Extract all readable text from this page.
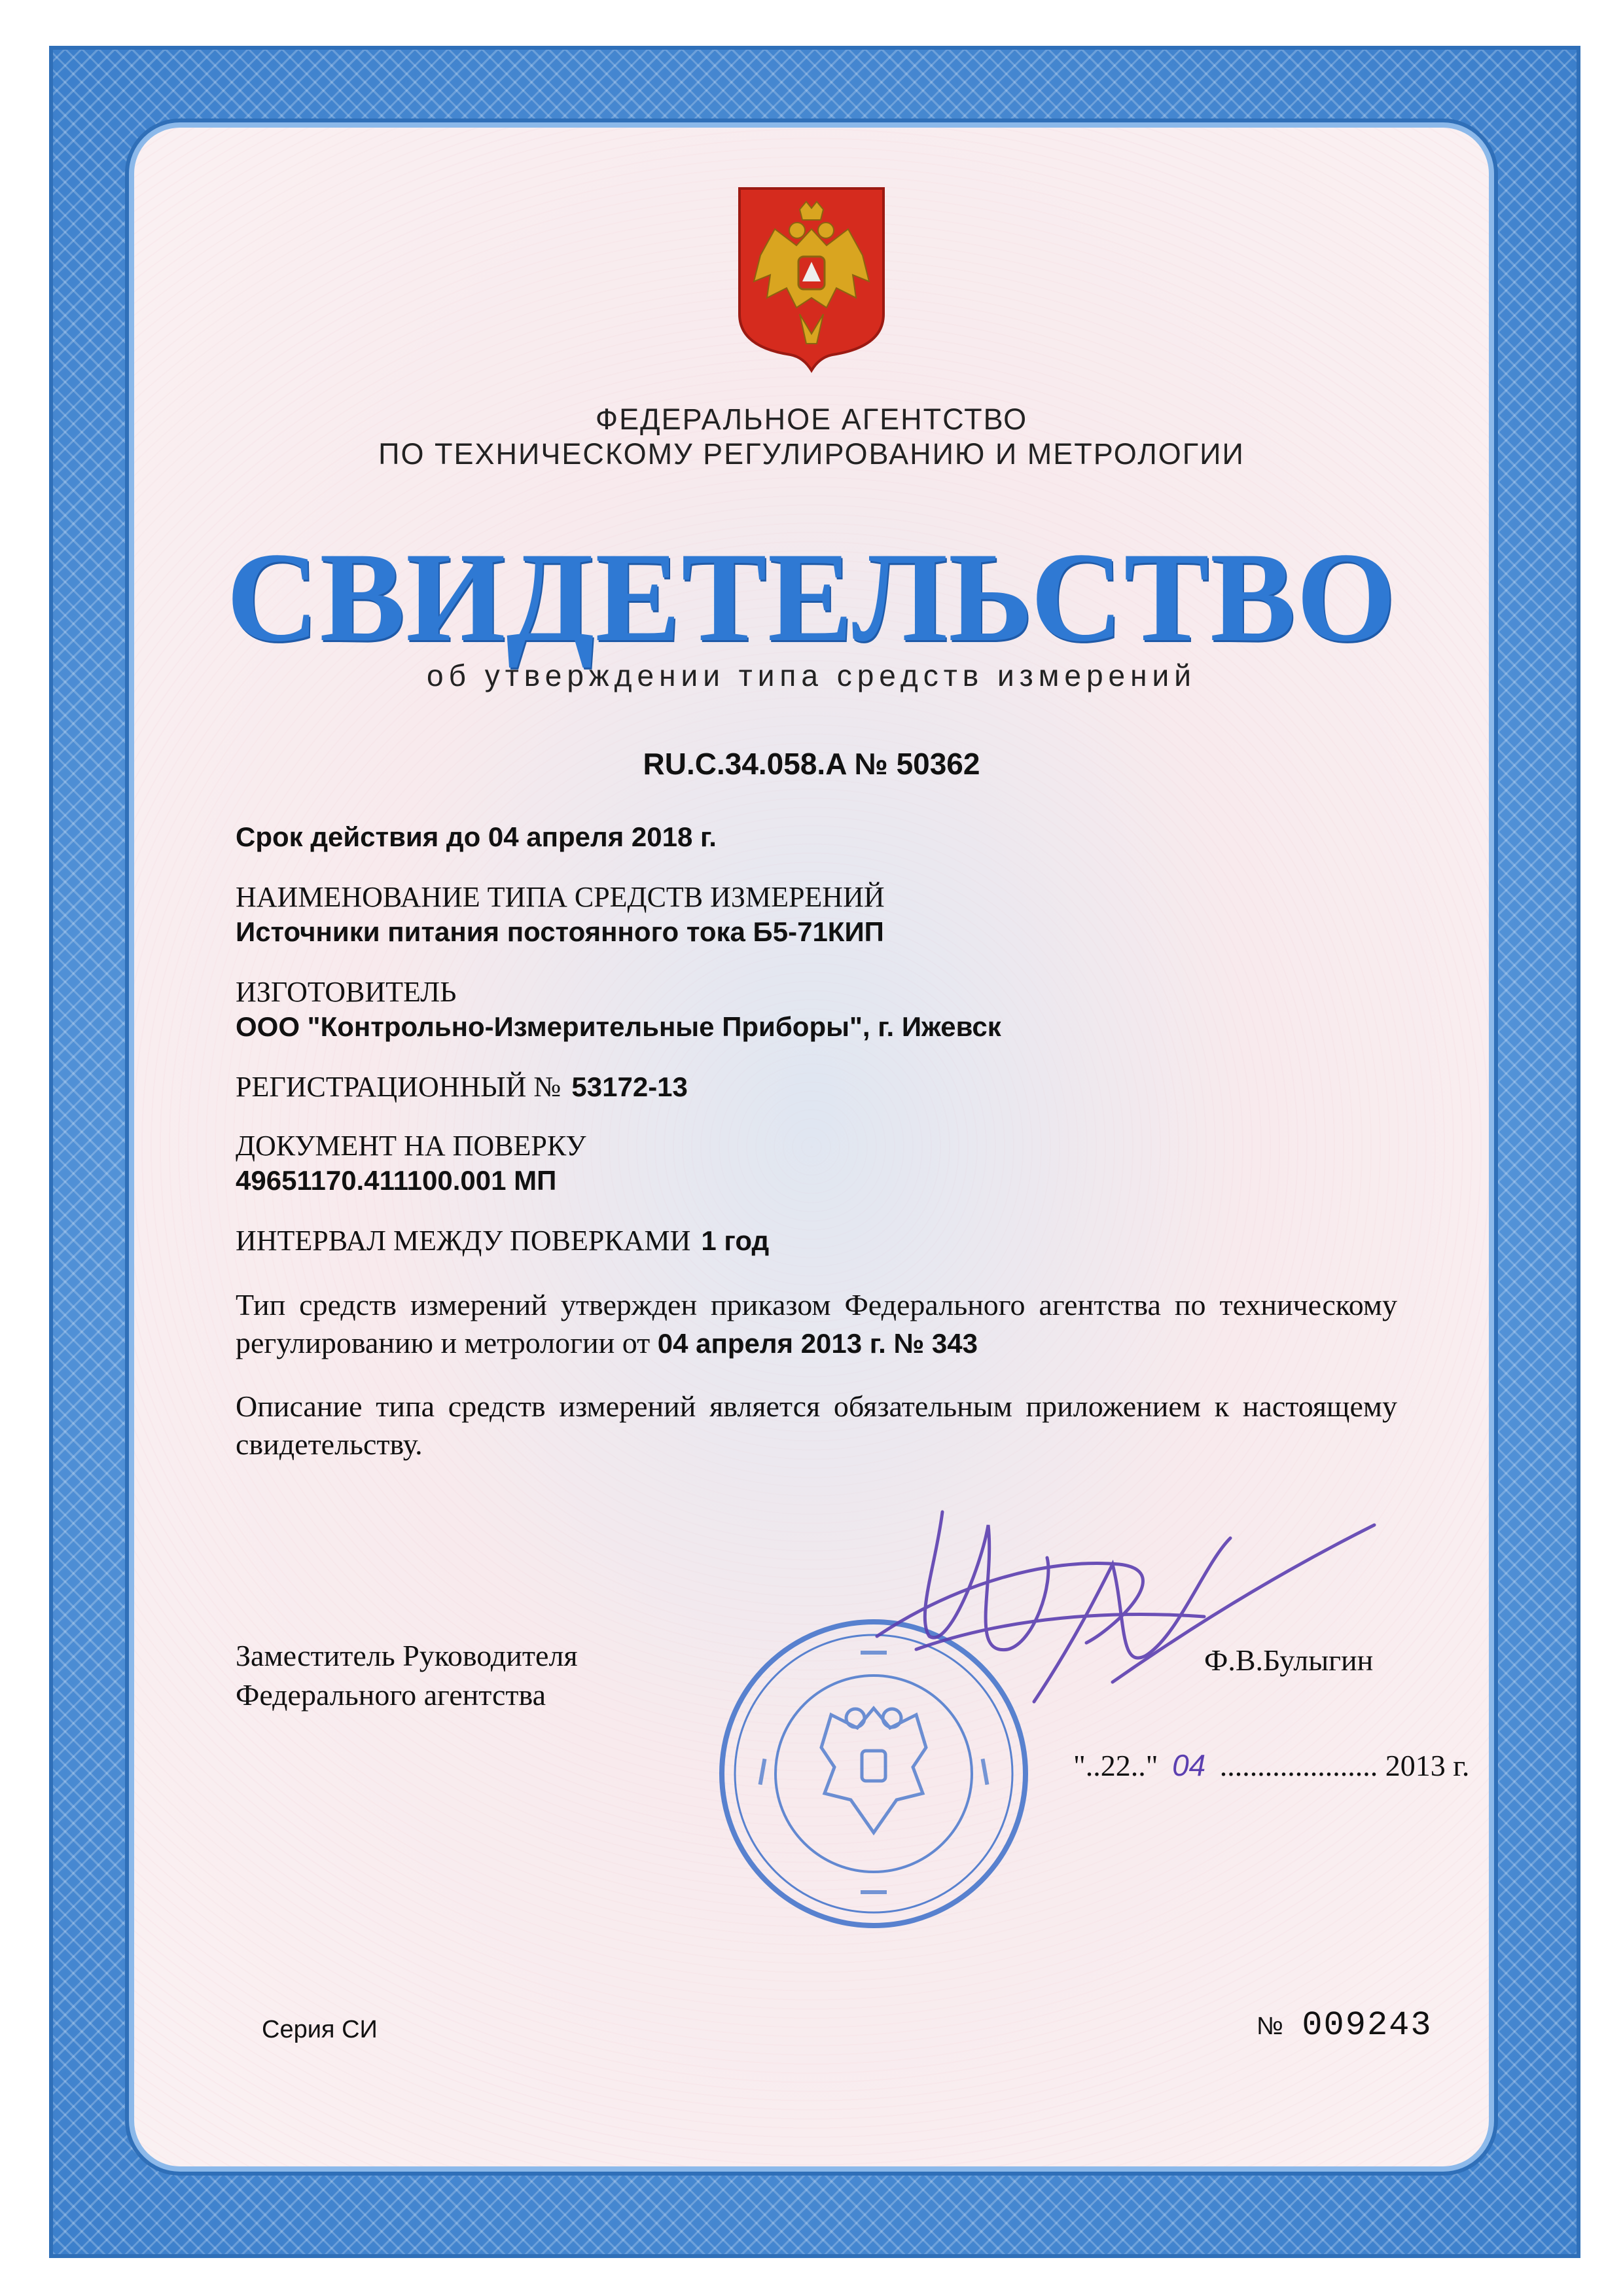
ФЕДЕРАЛЬНОЕ АГЕНТСТВО

ПО ТЕХНИЧЕСКОМУ РЕГУЛИРОВАНИЮ И МЕТРОЛОГИИ

СВИДЕТЕЛЬСТВО

об утверждении типа средств измерений

RU.C.34.058.A № 50362

Срок действия до 04 апреля 2018 г.

НАИМЕНОВАНИЕ ТИПА СРЕДСТВ ИЗМЕРЕНИЙ

Источники питания постоянного тока Б5-71КИП

ИЗГОТОВИТЕЛЬ

ООО "Контрольно-Измерительные Приборы", г. Ижевск

РЕГИСТРАЦИОННЫЙ № 53172-13

ДОКУМЕНТ НА ПОВЕРКУ

49651170.411100.001 МП

ИНТЕРВАЛ МЕЖДУ ПОВЕРКАМИ 1 год

Тип средств измерений утвержден приказом Федерального агентства по техническому регулированию и метрологии от 04 апреля 2013 г. № 343

Описание типа средств измерений является обязательным приложением к настоящему свидетельству.

Заместитель Руководителя
Федерального агентства

Ф.В.Булыгин

"..22.." 04 ..................... 2013 г.

Серия СИ	№ 009243
